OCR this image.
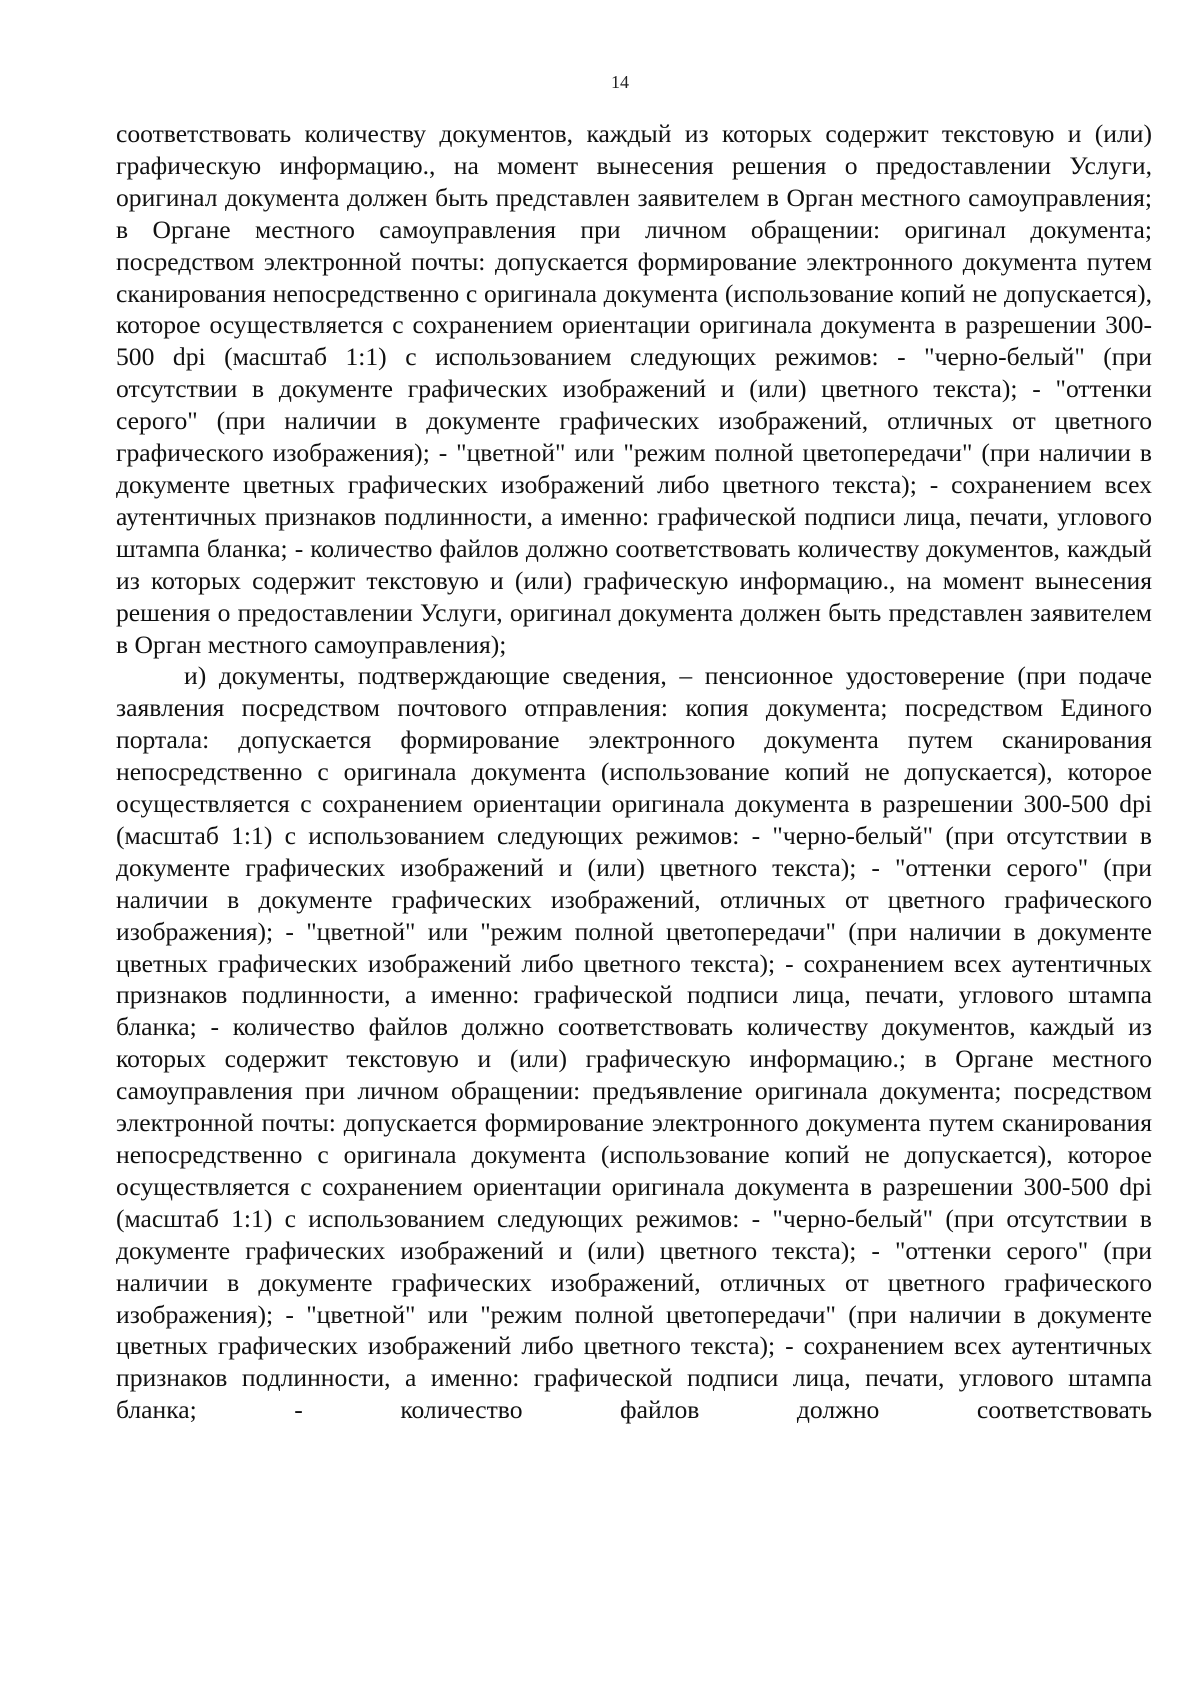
14

соответствовать количеству документов, каждый из которых содержит текстовую и (или) графическую информацию., на момент вынесения решения о предоставлении Услуги, оригинал документа должен быть представлен заявителем в Орган местного самоуправления; в Органе местного самоуправления при личном обращении: оригинал документа; посредством электронной почты: допускается формирование электронного документа путем сканирования непосредственно с оригинала документа (использование копий не допускается), которое осуществляется с сохранением ориентации оригинала документа в разрешении 300-500 dpi (масштаб 1:1) с использованием следующих режимов: - "черно-белый" (при отсутствии в документе графических изображений и (или) цветного текста); - "оттенки серого" (при наличии в документе графических изображений, отличных от цветного графического изображения); - "цветной" или "режим полной цветопередачи" (при наличии в документе цветных графических изображений либо цветного текста); - сохранением всех аутентичных признаков подлинности, а именно: графической подписи лица, печати, углового штампа бланка; - количество файлов должно соответствовать количеству документов, каждый из которых содержит текстовую и (или) графическую информацию., на момент вынесения решения о предоставлении Услуги, оригинал документа должен быть представлен заявителем в Орган местного самоуправления);

и) документы, подтверждающие сведения, – пенсионное удостоверение (при подаче заявления посредством почтового отправления: копия документа; посредством Единого портала: допускается формирование электронного документа путем сканирования непосредственно с оригинала документа (использование копий не допускается), которое осуществляется с сохранением ориентации оригинала документа в разрешении 300-500 dpi (масштаб 1:1) с использованием следующих режимов: - "черно-белый" (при отсутствии в документе графических изображений и (или) цветного текста); - "оттенки серого" (при наличии в документе графических изображений, отличных от цветного графического изображения); - "цветной" или "режим полной цветопередачи" (при наличии в документе цветных графических изображений либо цветного текста); - сохранением всех аутентичных признаков подлинности, а именно: графической подписи лица, печати, углового штампа бланка; - количество файлов должно соответствовать количеству документов, каждый из которых содержит текстовую и (или) графическую информацию.; в Органе местного самоуправления при личном обращении: предъявление оригинала документа; посредством электронной почты: допускается формирование электронного документа путем сканирования непосредственно с оригинала документа (использование копий не допускается), которое осуществляется с сохранением ориентации оригинала документа в разрешении 300-500 dpi (масштаб 1:1) с использованием следующих режимов: - "черно-белый" (при отсутствии в документе графических изображений и (или) цветного текста); - "оттенки серого" (при наличии в документе графических изображений, отличных от цветного графического изображения); - "цветной" или "режим полной цветопередачи" (при наличии в документе цветных графических изображений либо цветного текста); - сохранением всех аутентичных признаков подлинности, а именно: графической подписи лица, печати, углового штампа бланка; - количество файлов должно соответствовать
